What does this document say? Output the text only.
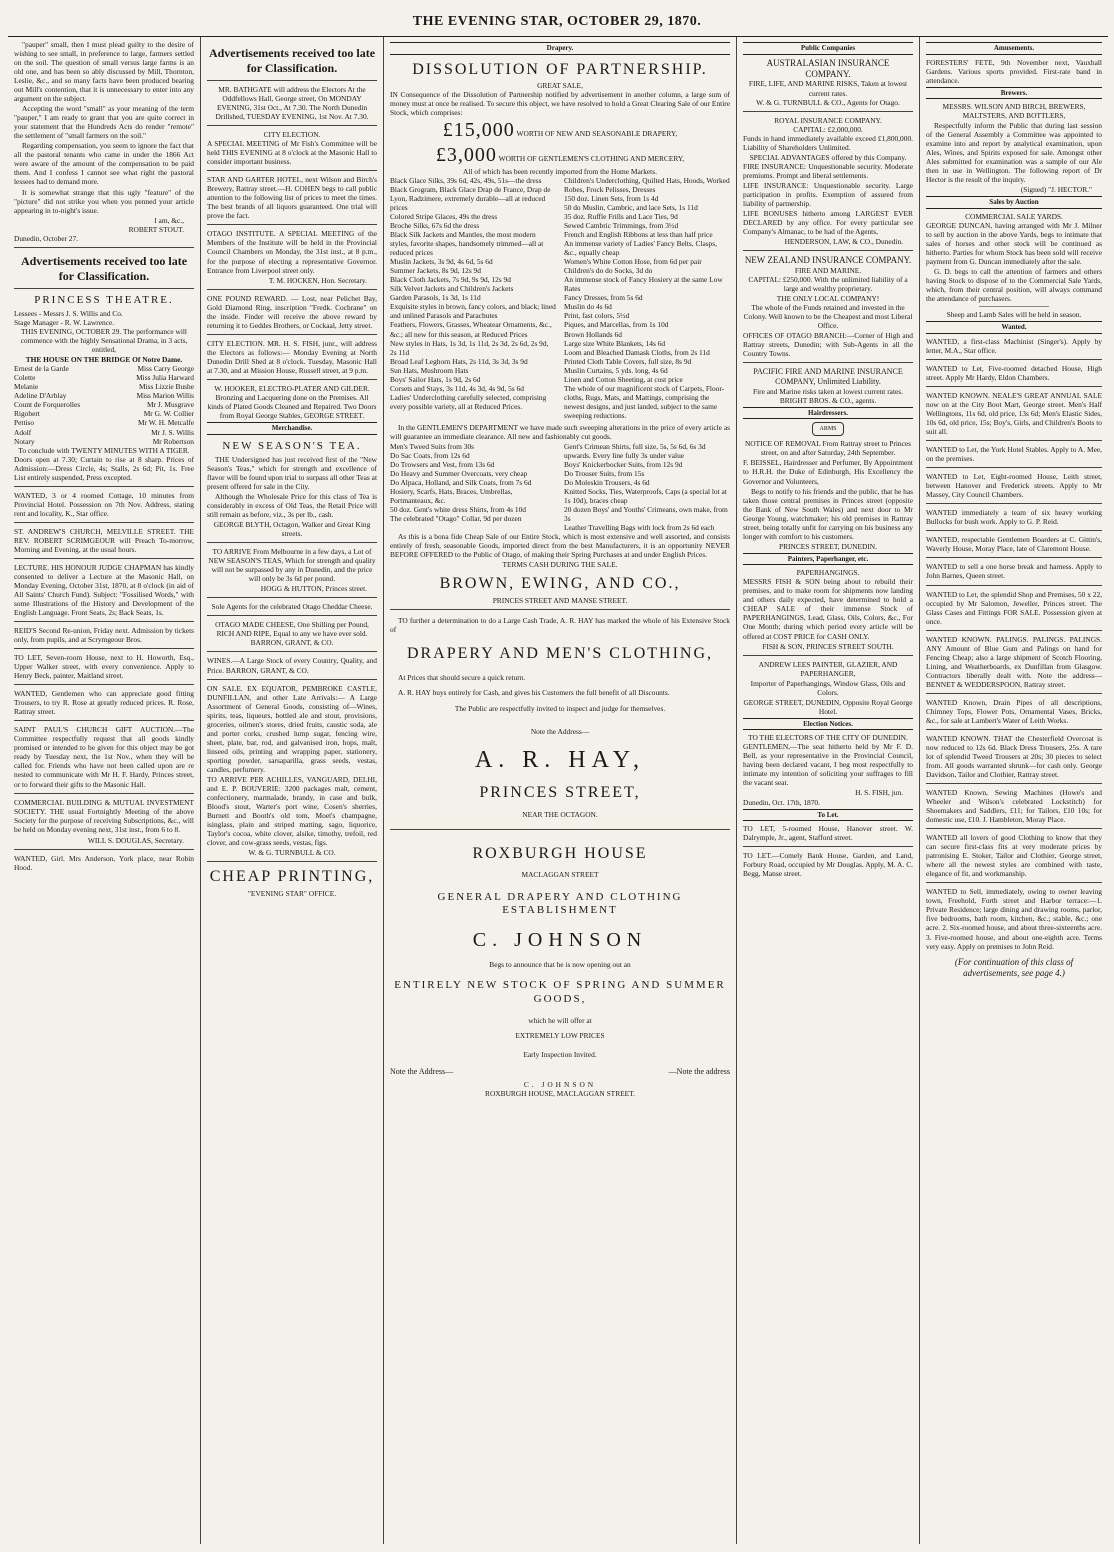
THE EVENING STAR, OCTOBER 29, 1870.

"pauper" small, then I must plead guilty to the desire of wishing to see small, in preference to large, farmers settled on the soil. The question of small versus large farms is an old one, and has been so ably discussed by Mill, Thornton, Leslie, &c., and so many facts have been produced bearing out Mill's contention, that it is unnecessary to enter into any argument on the subject.

Accepting the word "small" as your meaning of the term "pauper," I am ready to grant that you are quite correct in your statement that the Hundreds Acts do render "remote" the settlement of "small farmers on the soil."

Regarding compensation, you seem to ignore the fact that all the pastoral tenants who came in under the 1866 Act were aware of the amount of the compensation to be paid them. And I confess I cannot see what right the pastoral lessees had to demand more.

It is somewhat strange that this ugly "feature" of the "picture" did not strike you when you penned your article appearing in to-night's issue.

I am, &c.,
ROBERT STOUT.
Dunedin, October 27.
Advertisements received too late for Classification.
PRINCESS THEATRE.
Lessees - Messrs J. S. Willis and Co.
Stage Manager - R. W. Lawrence.

THIS EVENING, OCTOBER 29. The performance will commence with the highly Sensational Drama, in 3 acts, entitled,

THE HOUSE ON THE BRIDGE Of Notre Dame.
Ernest de la Garde	Miss Carry George
Colette	Miss Julia Harward
Melanie	Miss Lizzie Bushe
Adeline D'Arblay	Miss Marion Willis
Count de Forquerolles	Mr J. Musgrave
Rigobert	Mr G. W. Collier
Pettiso	Mr W. H. Metcalfe
Adolf	Mr J. S. Willis
Notary	Mr Robertson
To conclude with TWENTY MINUTES WITH A TIGER.

Doors open at 7.30; Curtain to rise at 8 sharp. Prices of Admission:—Dress Circle, 4s; Stalls, 2s 6d; Pit, 1s. Free List entirely suspended, Press excepted.

WANTED, 3 or 4 roomed Cottage, 10 minutes from Provincial Hotel. Possession on 7th Nov. Address, stating rent and locality, K., Star office.

ST. ANDREW'S CHURCH, MELVILLE STREET. THE REV. ROBERT SCRIMGEOUR will Preach To-morrow, Morning and Evening, at the usual hours.

LECTURE. HIS HONOUR JUDGE CHAPMAN has kindly consented to deliver a Lecture at the Masonic Hall, on Monday Evening, October 31st, 1870, at 8 o'clock (in aid of All Saints' Church Fund). Subject: "Fossilised Words," with some Illustrations of the History and Development of the English Language. Front Seats, 2s; Back Seats, 1s.

REID'S Second Re-union, Friday next. Admission by tickets only, from pupils, and at Scrymgeour Bros.

TO LET, Seven-room House, next to H. Howorth, Esq., Upper Walker street, with every convenience. Apply to Henry Beck, painter, Maitland street.

WANTED, Gentlemen who can appreciate good fitting Trousers, to try R. Rose at greatly reduced prices. R. Rose, Rattray street.

SAINT PAUL'S CHURCH GIFT AUCTION.—The Committee respectfully request that all goods kindly promised or intended to be given for this object may be got ready by Tuesday next, the 1st Nov., when they will be called for. Friends who have not been called upon are re nested to communicate with Mr H. F. Hardy, Princes street, or to forward their gifts to the Masonic Hall.

COMMERCIAL BUILDING & MUTUAL INVESTMENT SOCIETY. THE usual Fortnightly Meeting of the above Society for the purpose of receiving Subscriptions, &c., will be held on Monday evening next, 31st inst., from 6 to 8.

WILL S. DOUGLAS, Secretary.

WANTED, Girl. Mrs Anderson, York place, near Robin Hood.

Advertisements received too late for Classification.

MR. BATHGATE will address the Electors At the Oddfellows Hall, George street, On MONDAY EVENING, 31st Oct., At 7.30. The North Dunedin Drillshed, TUESDAY EVENING, 1st Nov. At 7.30.

CITY ELECTION.

A SPECIAL MEETING of Mr Fish's Committee will be held THIS EVENING at 8 o'clock at the Masonic Hall to consider important business.

STAR AND GARTER HOTEL, next Wilson and Birch's Brewery, Rattray street.—H. COHEN begs to call public attention to the following list of prices to meet the times. The best brands of all liquors guaranteed. One trial will prove the fact.

OTAGO INSTITUTE. A SPECIAL MEETING of the Members of the Institute will be held in the Provincial Council Chambers on Monday, the 31st inst., at 8 p.m., for the purpose of electing a representative Governor. Entrance from Liverpool street only.

T. M. HOCKEN, Hon. Secretary.

ONE POUND REWARD. — Lost, near Pelichet Bay, Gold Diamond Ring, inscription "Fredk. Cochrane" on the inside. Finder will receive the above reward by returning it to Geddes Brothers, or Cockaal, Jetty street.

CITY ELECTION. MR. H. S. FISH, junr., will address the Electors as follows:— Monday Evening at North Dunedin Drill Shed at 8 o'clock. Tuesday, Masonic Hall at 7.30, and at Mission House, Russell street, at 9 p.m.

W. HOOKER, ELECTRO-PLATER AND GILDER. Bronzing and Lacquering done on the Premises. All kinds of Plated Goods Cleaned and Repaired. Two Doors from Royal George Stables, GEORGE STREET.

Merchandise.
NEW SEASON'S TEA.

THE Undersigned has just received first of the "New Season's Teas," which for strength and excellence of flavor will be found upon trial to surpass all other Teas at present offered for sale in the City.

Although the Wholesale Price for this class of Tea is considerably in excess of Old Teas, the Retail Price will still remain as before, viz., 3s per lb., cash.

GEORGE BLYTH, Octagon, Walker and Great King streets.

TO ARRIVE From Melbourne in a few days, a Lot of NEW SEASON'S TEAS, Which for strength and quality will not be surpassed by any in Dunedin, and the price will only be 3s 6d per pound.

HOGG & HUTTON, Princes street.
Sole Agents for the celebrated Otago Cheddar Cheese.

OTAGO MADE CHEESE, One Shilling per Pound, RICH AND RIPE, Equal to any we have ever sold. BARRON, GRANT, & CO.

WINES.—A Large Stock of every Country, Quality, and Price. BARRON, GRANT, & CO.

ON SALE. EX EQUATOR, PEMBROKE CASTLE, DUNFILLAN, and other Late Arrivals:— A Large Assortment of General Goods, consisting of—Wines, spirits, teas, liqueurs, bottled ale and stout, provisions, groceries, oilmen's stores, dried fruits, caustic soda, ale and porter corks, crushed lump sugar, fencing wire, sheet, plate, bar, rod, and galvanised iron, hops, malt, linseed oils, printing and wrapping paper, stationery, sporting powder, sarsaparilla, grass seeds, vestas, candles, perfumery.

TO ARRIVE PER ACHILLES, VANGUARD, DELHI, and E. P. BOUVERIE: 3200 packages malt, cement, confectionery, marmalade, brandy, in case and bulk, Blood's stout, Warter's port wine, Cosen's sherries, Burnett and Booth's old tom, Moet's champagne, isinglass, plain and striped matting, sago, liquorice, Taylor's cocoa, white clover, alsike, timothy, trefoil, red clover, and cow-grass seeds, vestas, figs.

W. & G. TURNBULL & CO.
CHEAP PRINTING,
"EVENING STAR" OFFICE.
Drapery.
DISSOLUTION OF PARTNERSHIP.
GREAT SALE,

IN Consequence of the Dissolution of Partnership notified by advertisement in another column, a large sum of money must at once be realised. To secure this object, we have resolved to hold a Great Clearing Sale of our Entire Stock, which comprises:

£15,000 WORTH OF NEW AND SEASONABLE DRAPERY,
£3,000 WORTH OF GENTLEMEN'S CLOTHING AND MERCERY,
All of which has been recently imported from the Home Markets.
Black Glace Silks, 39s 6d, 42s, 49s, 51s—the dress
Black Grogram, Black Glace Drap de France, Drap de Lyon, Radzimere, extremely durable—all at reduced prices
Colored Stripe Glaces, 49s the dress
Broche Silks, 67s 6d the dress
Black Silk Jackets and Mantles, the most modern styles, favorite shapes, handsomely trimmed—all at reduced prices
Muslin Jackets, 3s 9d, 4s 6d, 5s 6d
Summer Jackets, 8s 9d, 12s 9d
Black Cloth Jackets, 7s 9d, 9s 9d, 12s 9d
Silk Velvet Jackets and Children's Jackets
Garden Parasols, 1s 3d, 1s 11d
Exquisite styles in brown, fancy colors, and black; lined and unlined Parasols and Parachutes
Feathers, Flowers, Grasses, Wheatear Ornaments, &c., &c.; all new for this season, at Reduced Prices
New styles in Hats, 1s 3d, 1s 11d, 2s 3d, 2s 6d, 2s 9d, 2s 11d
Broad Leaf Leghorn Hats, 2s 11d, 3s 3d, 3s 9d
Sun Hats, Mushroom Hats
Boys' Sailor Hats, 1s 9d, 2s 6d
Corsets and Stays, 3s 11d, 4s 3d, 4s 9d, 5s 6d
Ladies' Underclothing carefully selected, comprising every possible variety, all at Reduced Prices.
Children's Underclothing, Quilted Hats, Hoods, Worked Robes, Frock Pelisses, Dresses
150 doz. Linen Sets, from 1s 4d
50 do Muslin, Cambric, and lace Sets, 1s 11d
35 doz. Ruffle Frills and Lace Ties, 9d
Sewed Cambric Trimmings, from 3½d
French and English Ribbons at less than half price
An immense variety of Ladies' Fancy Belts, Clasps, &c., equally cheap
Women's White Cotton Hose, from 6d per pair
Children's do do Socks, 3d do
An immense stock of Fancy Hosiery at the same Low Rates
Fancy Dresses, from 5s 6d
Muslin do 4s 6d
Print, fast colors, 5½d
Piques, and Marcellas, from 1s 10d
Brown Hollands 6d
Large size White Blankets, 14s 6d
Loom and Bleached Damask Cloths, from 2s 11d
Printed Cloth Table Covers, full size, 8s 9d
Muslin Curtains, 5 yds. long, 4s 6d
Linen and Cotton Sheeting, at cost price
The whole of our magnificent stock of Carpets, Floor-cloths, Rugs, Mats, and Mattings, comprising the newest designs, and just landed, subject to the same sweeping reductions.

In the GENTLEMEN'S DEPARTMENT we have made such sweeping alterations in the price of every article as will guarantee an immediate clearance. All new and fashionably cut goods.

Men's Tweed Suits from 30s
Do Sac Coats, from 12s 6d
Do Trowsers and Vest, from 13s 6d
Do Heavy and Summer Overcoats, very cheap
Do Alpaca, Holland, and Silk Coats, from 7s 6d
Hosiery, Scarfs, Hats, Braces, Umbrellas, Portmanteaux, &c.
50 doz. Gent's white dress Shirts, from 4s 10d
The celebrated "Otago" Collar, 9d per dozen
Gent's Crimean Shirts, full size, 5s, 5s 6d, 6s 3d upwards. Every line fully 3s under value
Boys' Knickerbocker Suits, from 12s 9d
Do Trouser Suits, from 15s
Do Moleskin Trousers, 4s 6d
Knitted Socks, Ties, Waterproofs, Caps (a special lot at 1s 10d), braces cheap
20 dozen Boys' and Youths' Crimeans, own make, from 3s
Leather Travelling Bags with lock from 2s 6d each

As this is a bona fide Cheap Sale of our Entire Stock, which is most extensive and well assorted, and consists entirely of fresh, seasonable Goods, imported direct from the best Manufacturers, it is an opportunity NEVER BEFORE OFFERED to the Public of Otago, of making their Spring Purchases at and under English Prices.

TERMS CASH DURING THE SALE.
BROWN, EWING, AND CO.,
PRINCES STREET AND MANSE STREET.

TO further a determination to do a Large Cash Trade, A. R. HAY has marked the whole of his Extensive Stock of

DRAPERY AND MEN'S CLOTHING,

At Prices that should secure a quick return.

A. R. HAY buys entirely for Cash, and gives his Customers the full benefit of all Discounts.

The Public are respectfully invited to inspect and judge for themselves.

Note the Address—
A. R. HAY,
PRINCES STREET,
NEAR THE OCTAGON.
ROXBURGH HOUSE
MACLAGGAN STREET
GENERAL DRAPERY AND CLOTHING ESTABLISHMENT
C. JOHNSON
Begs to announce that he is now opening out an
ENTIRELY NEW STOCK OF SPRING AND SUMMER GOODS,
which he will offer at
EXTREMELY LOW PRICES
Early Inspection Invited.
Note the Address—	—Note the address
C. JOHNSON
ROXBURGH HOUSE, MACLAGGAN STREET.
Public Companies
AUSTRALASIAN INSURANCE COMPANY.
FIRE, LIFE, AND MARINE RISKS, Taken at lowest current rates.
W. & G. TURNBULL & CO., Agents for Otago.
ROYAL INSURANCE COMPANY.
CAPITAL: £2,000,000.

Funds in hand immediately available exceed £1,800,000. Liability of Shareholders Unlimited.

SPECIAL ADVANTAGES offered by this Company.

FIRE INSURANCE: Unquestionable security. Moderate premiums. Prompt and liberal settlements.

LIFE INSURANCE: Unquestionable security. Large participation in profits. Exemption of assured from liability of partnership.

LIFE BONUSES hitherto among LARGEST EVER DECLARED by any office. For every particular see Company's Almanac, to be had of the Agents,

HENDERSON, LAW, & CO., Dunedin.
NEW ZEALAND INSURANCE COMPANY.
FIRE AND MARINE.

CAPITAL: £250,000. With the unlimited liability of a large and wealthy proprietary.

THE ONLY LOCAL COMPANY!

The whole of the Funds retained and invested in the Colony. Well known to be the Cheapest and most Liberal Office.

OFFICES OF OTAGO BRANCH:—Corner of High and Rattray streets, Dunedin; with Sub-Agents in all the Country Towns.

PACIFIC FIRE AND MARINE INSURANCE COMPANY, Unlimited Liability.
Fire and Marine risks taken at lowest current rates.
BRIGHT BROS. & CO., agents.
Hairdressers.
ARMS

NOTICE OF REMOVAL From Rattray street to Princes street, on and after Saturday, 24th September.

F. BEISSEL, Hairdresser and Perfumer, By Appointment to H.R.H. the Duke of Edinburgh, His Excellency the Governor and Volunteers,

Begs to notify to his friends and the public, that he has taken those central premises in Princes street (opposite the Bank of New South Wales) and next door to Mr George Young, watchmaker; his old premises in Rattray street, being totally unfit for carrying on his business any longer with comfort to his customers.

PRINCES STREET, DUNEDIN.
Painters, Paperhanger, etc.
PAPERHANGINGS.

MESSRS FISH & SON being about to rebuild their premises, and to make room for shipments now landing and others daily expected, have determined to hold a CHEAP SALE of their immense Stock of PAPERHANGINGS, Lead, Glass, Oils, Colors, &c., For One Month; during which period every article will be offered at COST PRICE for CASH ONLY.

FISH & SON, PRINCES STREET SOUTH.

ANDREW LEES PAINTER, GLAZIER, AND PAPERHANGER,

Importer of Paperhangings, Window Glass, Oils and Colors.

GEORGE STREET, DUNEDIN, Opposite Royal George Hotel.
Election Notices.
TO THE ELECTORS OF THE CITY OF DUNEDIN.

GENTLEMEN,—The seat hitherto held by Mr F. D. Bell, as your representative in the Provincial Council, having been declared vacant, I beg most respectfully to intimate my intention of soliciting your suffrages to fill the vacant seat.

H. S. FISH, jun.
Dunedin, Oct. 17th, 1870.
To Let.

TO LET, 5-roomed House, Hanover street. W. Dalrymple, Jr., agent, Stafford street.

TO LET.—Comely Bank House, Garden, and Land, Forbury Road, occupied by Mr Douglas. Apply, M. A. C. Begg, Manse street.

Amusements.

FORESTERS' FETE, 9th November next, Vauxhall Gardens. Various sports provided. First-rate band in attendance.

Brewers.

MESSRS. WILSON AND BIRCH, BREWERS, MALTSTERS, AND BOTTLERS,

Respectfully inform the Public that during last session of the General Assembly a Committee was appointed to examine into and report by analytical examination, upon Ales, Wines, and Spirits exposed for sale. Amongst other Ales submitted for examination was a sample of our Ale then in use in Wellington. The following report of Dr Hector is the result of the inquiry.

(Signed) "J. HECTOR."
Sales by Auction
COMMERCIAL SALE YARDS.

GEORGE DUNCAN, having arranged with Mr J. Milner to sell by auction in the above Yards, begs to intimate that sales of horses and other stock will be continued as hitherto. Parties for whom Stock has been sold will receive payment from G. Duncan immediately after the sale.

G. D. begs to call the attention of farmers and others having Stock to dispose of to the Commercial Sale Yards, which, from their central position, will always command the attendance of purchasers.

Sheep and Lamb Sales will be held in season.
Wanted.

WANTED, a first-class Machinist (Singer's). Apply by letter, M.A., Star office.

WANTED to Let, Five-roomed detached House, High street. Apply Mr Hardy, Eldon Chambers.

WANTED KNOWN. NEALE'S GREAT ANNUAL SALE now on at the City Boot Mart, George street. Men's Half Wellingtons, 11s 6d, old price, 13s 6d; Men's Elastic Sides, 10s 6d, old price, 15s; Boy's, Girls, and Children's Boots to suit all.

WANTED to Let, the York Hotel Stables. Apply to A. Mee, on the premises.

WANTED to Let, Eight-roomed House, Leith street, between Hanover and Frederick streets. Apply to Mr Massey, City Council Chambers.

WANTED immediately a team of six heavy working Bullocks for bush work. Apply to G. P. Reid.

WANTED, respectable Gentlemen Boarders at C. Gittin's, Waverly House, Moray Place, late of Claremont House.

WANTED to sell a one horse break and harness. Apply to John Barnes, Queen street.

WANTED to Let, the splendid Shop and Premises, 50 x 22, occupied by Mr Salomon, Jeweller, Princes street. The Glass Cases and Fittings FOR SALE. Possession given at once.

WANTED KNOWN. PALINGS. PALINGS. PALINGS. ANY Amount of Blue Gum and Palings on hand for Fencing Cheap; also a large shipment of Scotch Flooring, Lining, and Weatherboards, ex Dunfillan from Glasgow. Contractors liberally dealt with. Note the address— BENNET & WEDDERSPOON, Rattray street.

WANTED Known, Drain Pipes of all descriptions, Chimney Tops, Flower Pots, Ornamental Vases, Bricks, &c., for sale at Lambert's Water of Leith Works.

WANTED KNOWN. THAT the Chesterfield Overcoat is now reduced to 12s 6d. Black Dress Trousers, 25s. A rare lot of splendid Tweed Trousers at 20s; 30 pieces to select from. All goods warranted shrunk—for cash only. George Davidson, Tailor and Clothier, Rattray street.

WANTED Known, Sewing Machines (Howe's and Wheeler and Wilson's celebrated Lockstitch) for Shoemakers and Saddlers, £11; for Tailors, £10 10s; for domestic use, £10. J. Hambleton, Moray Place.

WANTED all lovers of good Clothing to know that they can secure first-class fits at very moderate prices by patronising E. Stoker, Tailor and Clothier, George street, where all the newest styles are combined with taste, elegance of fit, and workmanship.

WANTED to Sell, immediately, owing to owner leaving town, Freehold, Forth street and Harbor terrace:—1. Private Residence; large dining and drawing rooms, parlor, five bedrooms, bath room, kitchen, &c.; stable, &c.; one acre. 2. Six-roomed house, and about three-sixteenths acre. 3. Five-roomed house, and about one-eighth acre. Terms very easy. Apply on premises to John Reid.

(For continuation of this class of advertisements, see page 4.)
